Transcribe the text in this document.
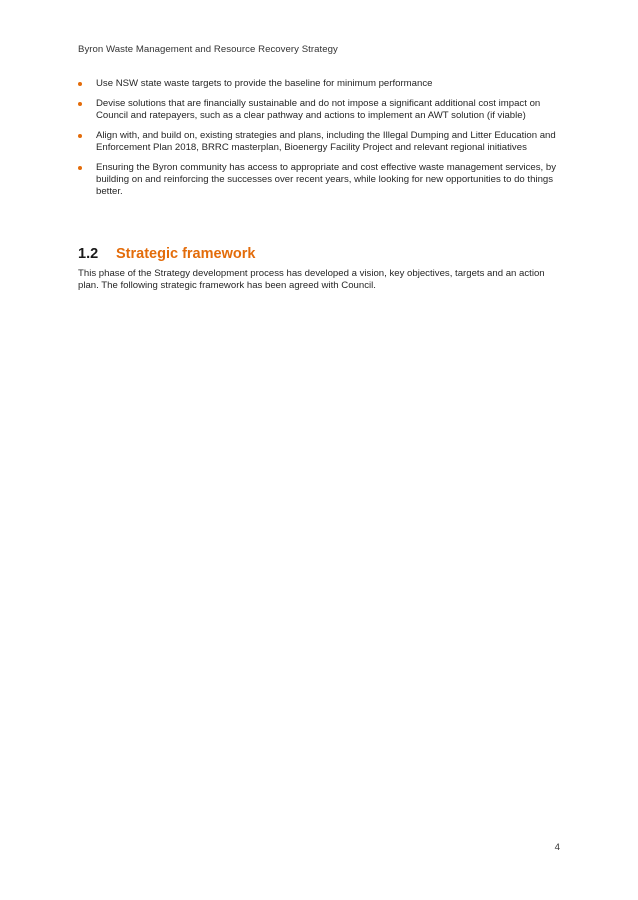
Byron Waste Management and Resource Recovery Strategy
Use NSW state waste targets to provide the baseline for minimum performance
Devise solutions that are financially sustainable and do not impose a significant additional cost impact on Council and ratepayers, such as a clear pathway and actions to implement an AWT solution (if viable)
Align with, and build on, existing strategies and plans, including the Illegal Dumping and Litter Education and Enforcement Plan 2018, BRRC masterplan, Bioenergy Facility Project and relevant regional initiatives
Ensuring the Byron community has access to appropriate and cost effective waste management services, by building on and reinforcing the successes over recent years, while looking for new opportunities to do things better.
1.2 Strategic framework

This phase of the Strategy development process has developed a vision, key objectives, targets and an action plan. The following strategic framework has been agreed with Council.

4
